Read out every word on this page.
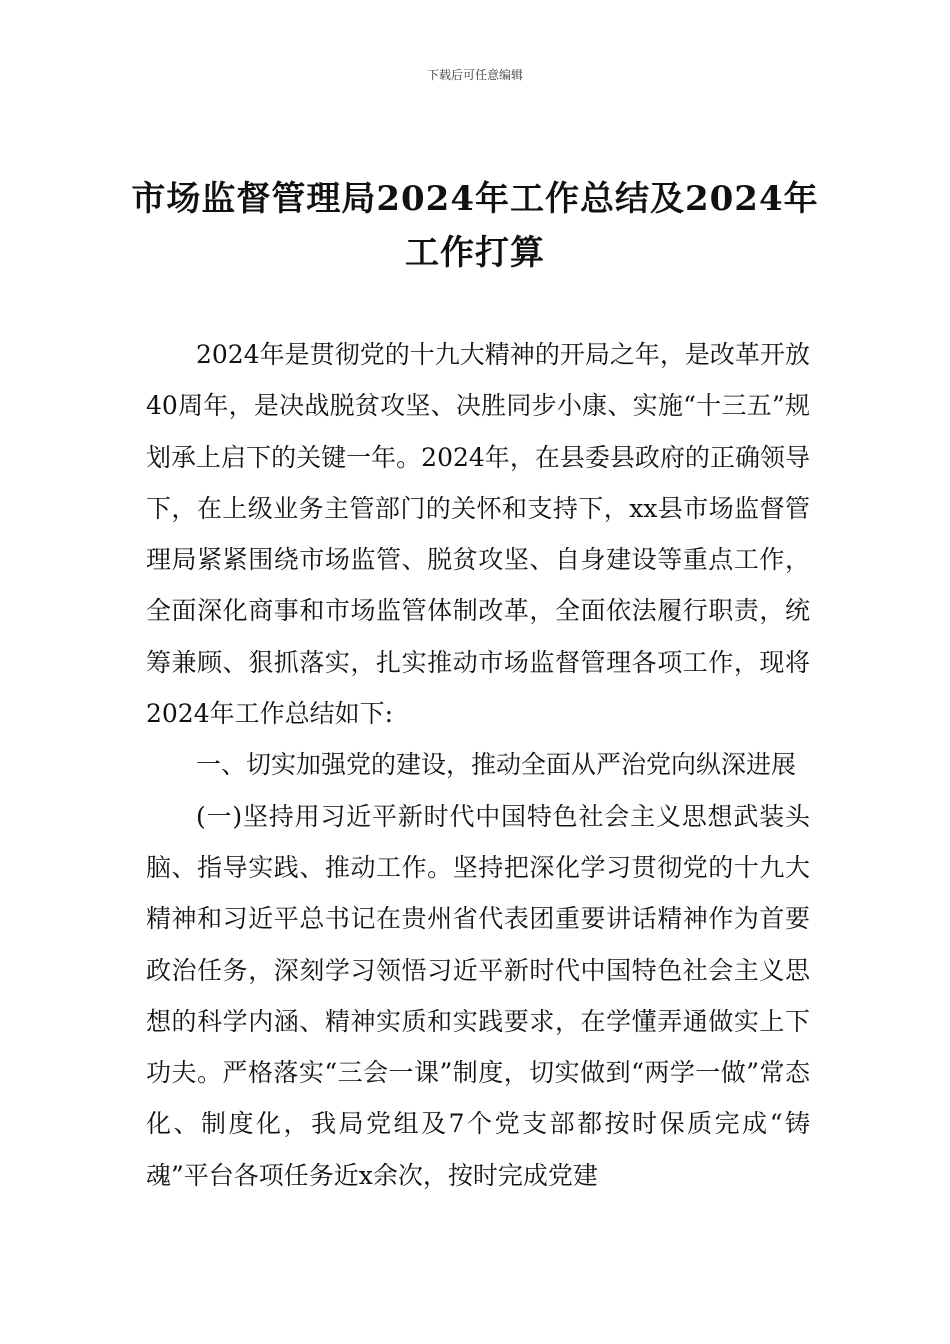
下载后可任意编辑
市场监督管理局2024年工作总结及2024年
工作打算

2024年是贯彻党的十九大精神的开局之年，是改革开放40周年，是决战脱贫攻坚、决胜同步小康、实施“十三五”规划承上启下的关键一年。2024年，在县委县政府的正确领导下，在上级业务主管部门的关怀和支持下，xx县市场监督管理局紧紧围绕市场监管、脱贫攻坚、自身建设等重点工作，全面深化商事和市场监管体制改革，全面依法履行职责，统筹兼顾、狠抓落实，扎实推动市场监督管理各项工作，现将2024年工作总结如下:

一、切实加强党的建设，推动全面从严治党向纵深进展

(一)坚持用习近平新时代中国特色社会主义思想武装头脑、指导实践、推动工作。坚持把深化学习贯彻党的十九大精神和习近平总书记在贵州省代表团重要讲话精神作为首要政治任务，深刻学习领悟习近平新时代中国特色社会主义思想的科学内涵、精神实质和实践要求，在学懂弄通做实上下功夫。严格落实“三会一课”制度，切实做到“两学一做”常态化、制度化，我局党组及7个党支部都按时保质完成“铸魂”平台各项任务近x余次，按时完成党建
